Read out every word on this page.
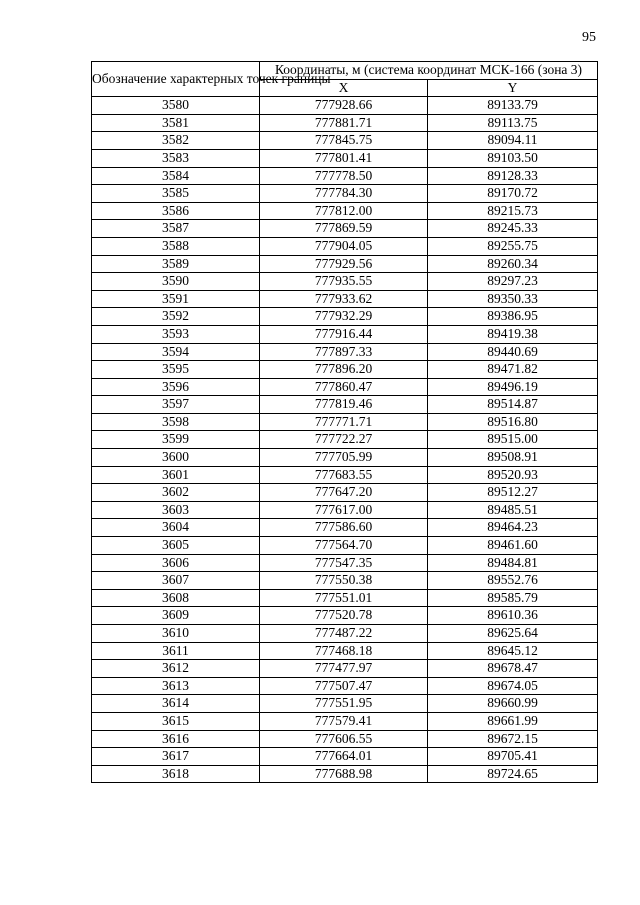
95
Обозначение характерных точек границы	Координаты, м (система координат МСК-166 (зона 3)	
	X	Y
3580	777928.66	89133.79
3581	777881.71	89113.75
3582	777845.75	89094.11
3583	777801.41	89103.50
3584	777778.50	89128.33
3585	777784.30	89170.72
3586	777812.00	89215.73
3587	777869.59	89245.33
3588	777904.05	89255.75
3589	777929.56	89260.34
3590	777935.55	89297.23
3591	777933.62	89350.33
3592	777932.29	89386.95
3593	777916.44	89419.38
3594	777897.33	89440.69
3595	777896.20	89471.82
3596	777860.47	89496.19
3597	777819.46	89514.87
3598	777771.71	89516.80
3599	777722.27	89515.00
3600	777705.99	89508.91
3601	777683.55	89520.93
3602	777647.20	89512.27
3603	777617.00	89485.51
3604	777586.60	89464.23
3605	777564.70	89461.60
3606	777547.35	89484.81
3607	777550.38	89552.76
3608	777551.01	89585.79
3609	777520.78	89610.36
3610	777487.22	89625.64
3611	777468.18	89645.12
3612	777477.97	89678.47
3613	777507.47	89674.05
3614	777551.95	89660.99
3615	777579.41	89661.99
3616	777606.55	89672.15
3617	777664.01	89705.41
3618	777688.98	89724.65
